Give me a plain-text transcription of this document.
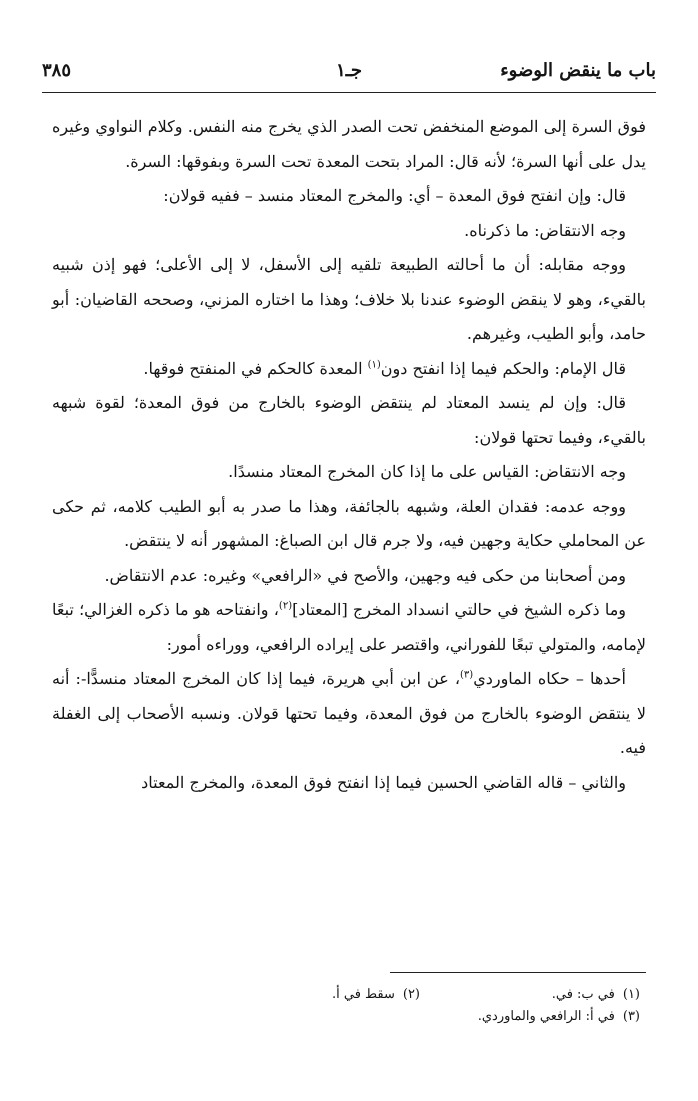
باب ما ينقض الوضوء
جـ١
٣٨٥

فوق السرة إلى الموضع المنخفض تحت الصدر الذي يخرج منه النفس. وكلام النواوي وغيره يدل على أنها السرة؛ لأنه قال: المراد بتحت المعدة تحت السرة وبفوقها: السرة.

قال: وإن انفتح فوق المعدة – أي: والمخرج المعتاد منسد – ففيه قولان:

وجه الانتقاض: ما ذكرناه.

ووجه مقابله: أن ما أحالته الطبيعة تلقيه إلى الأسفل، لا إلى الأعلى؛ فهو إذن شبيه بالقيء، وهو لا ينقض الوضوء عندنا بلا خلاف؛ وهذا ما اختاره المزني، وصححه القاضيان: أبو حامد، وأبو الطيب، وغيرهم.

قال الإمام: والحكم فيما إذا انفتح دون$^{(١)}$ المعدة كالحكم في المنفتح فوقها.

قال: وإن لم ينسد المعتاد لم ينتقض الوضوء بالخارج من فوق المعدة؛ لقوة شبهه بالقيء، وفيما تحتها قولان:

وجه الانتقاض: القياس على ما إذا كان المخرج المعتاد منسدًا.

ووجه عدمه: فقدان العلة، وشبهه بالجائفة، وهذا ما صدر به أبو الطيب كلامه، ثم حكى عن المحاملي حكاية وجهين فيه، ولا جرم قال ابن الصباغ: المشهور أنه لا ينتقض.

ومن أصحابنا من حكى فيه وجهين، والأصح في «الرافعي» وغيره: عدم الانتقاض.

وما ذكره الشيخ في حالتي انسداد المخرج [المعتاد]$^{(٢)}$، وانفتاحه هو ما ذكره الغزالي؛ تبعًا لإمامه، والمتولي تبعًا للفوراني، واقتصر على إيراده الرافعي، ووراءه أمور:

أحدها – حكاه الماوردي$^{(٣)}$، عن ابن أبي هريرة، فيما إذا كان المخرج المعتاد منسدًّا-: أنه لا ينتقض الوضوء بالخارج من فوق المعدة، وفيما تحتها قولان. ونسبه الأصحاب إلى الغفلة فيه.

والثاني – قاله القاضي الحسين فيما إذا انفتح فوق المعدة، والمخرج المعتاد

(١)في ب: في.
(٢)سقط في أ.
(٣)في أ: الرافعي والماوردي.
